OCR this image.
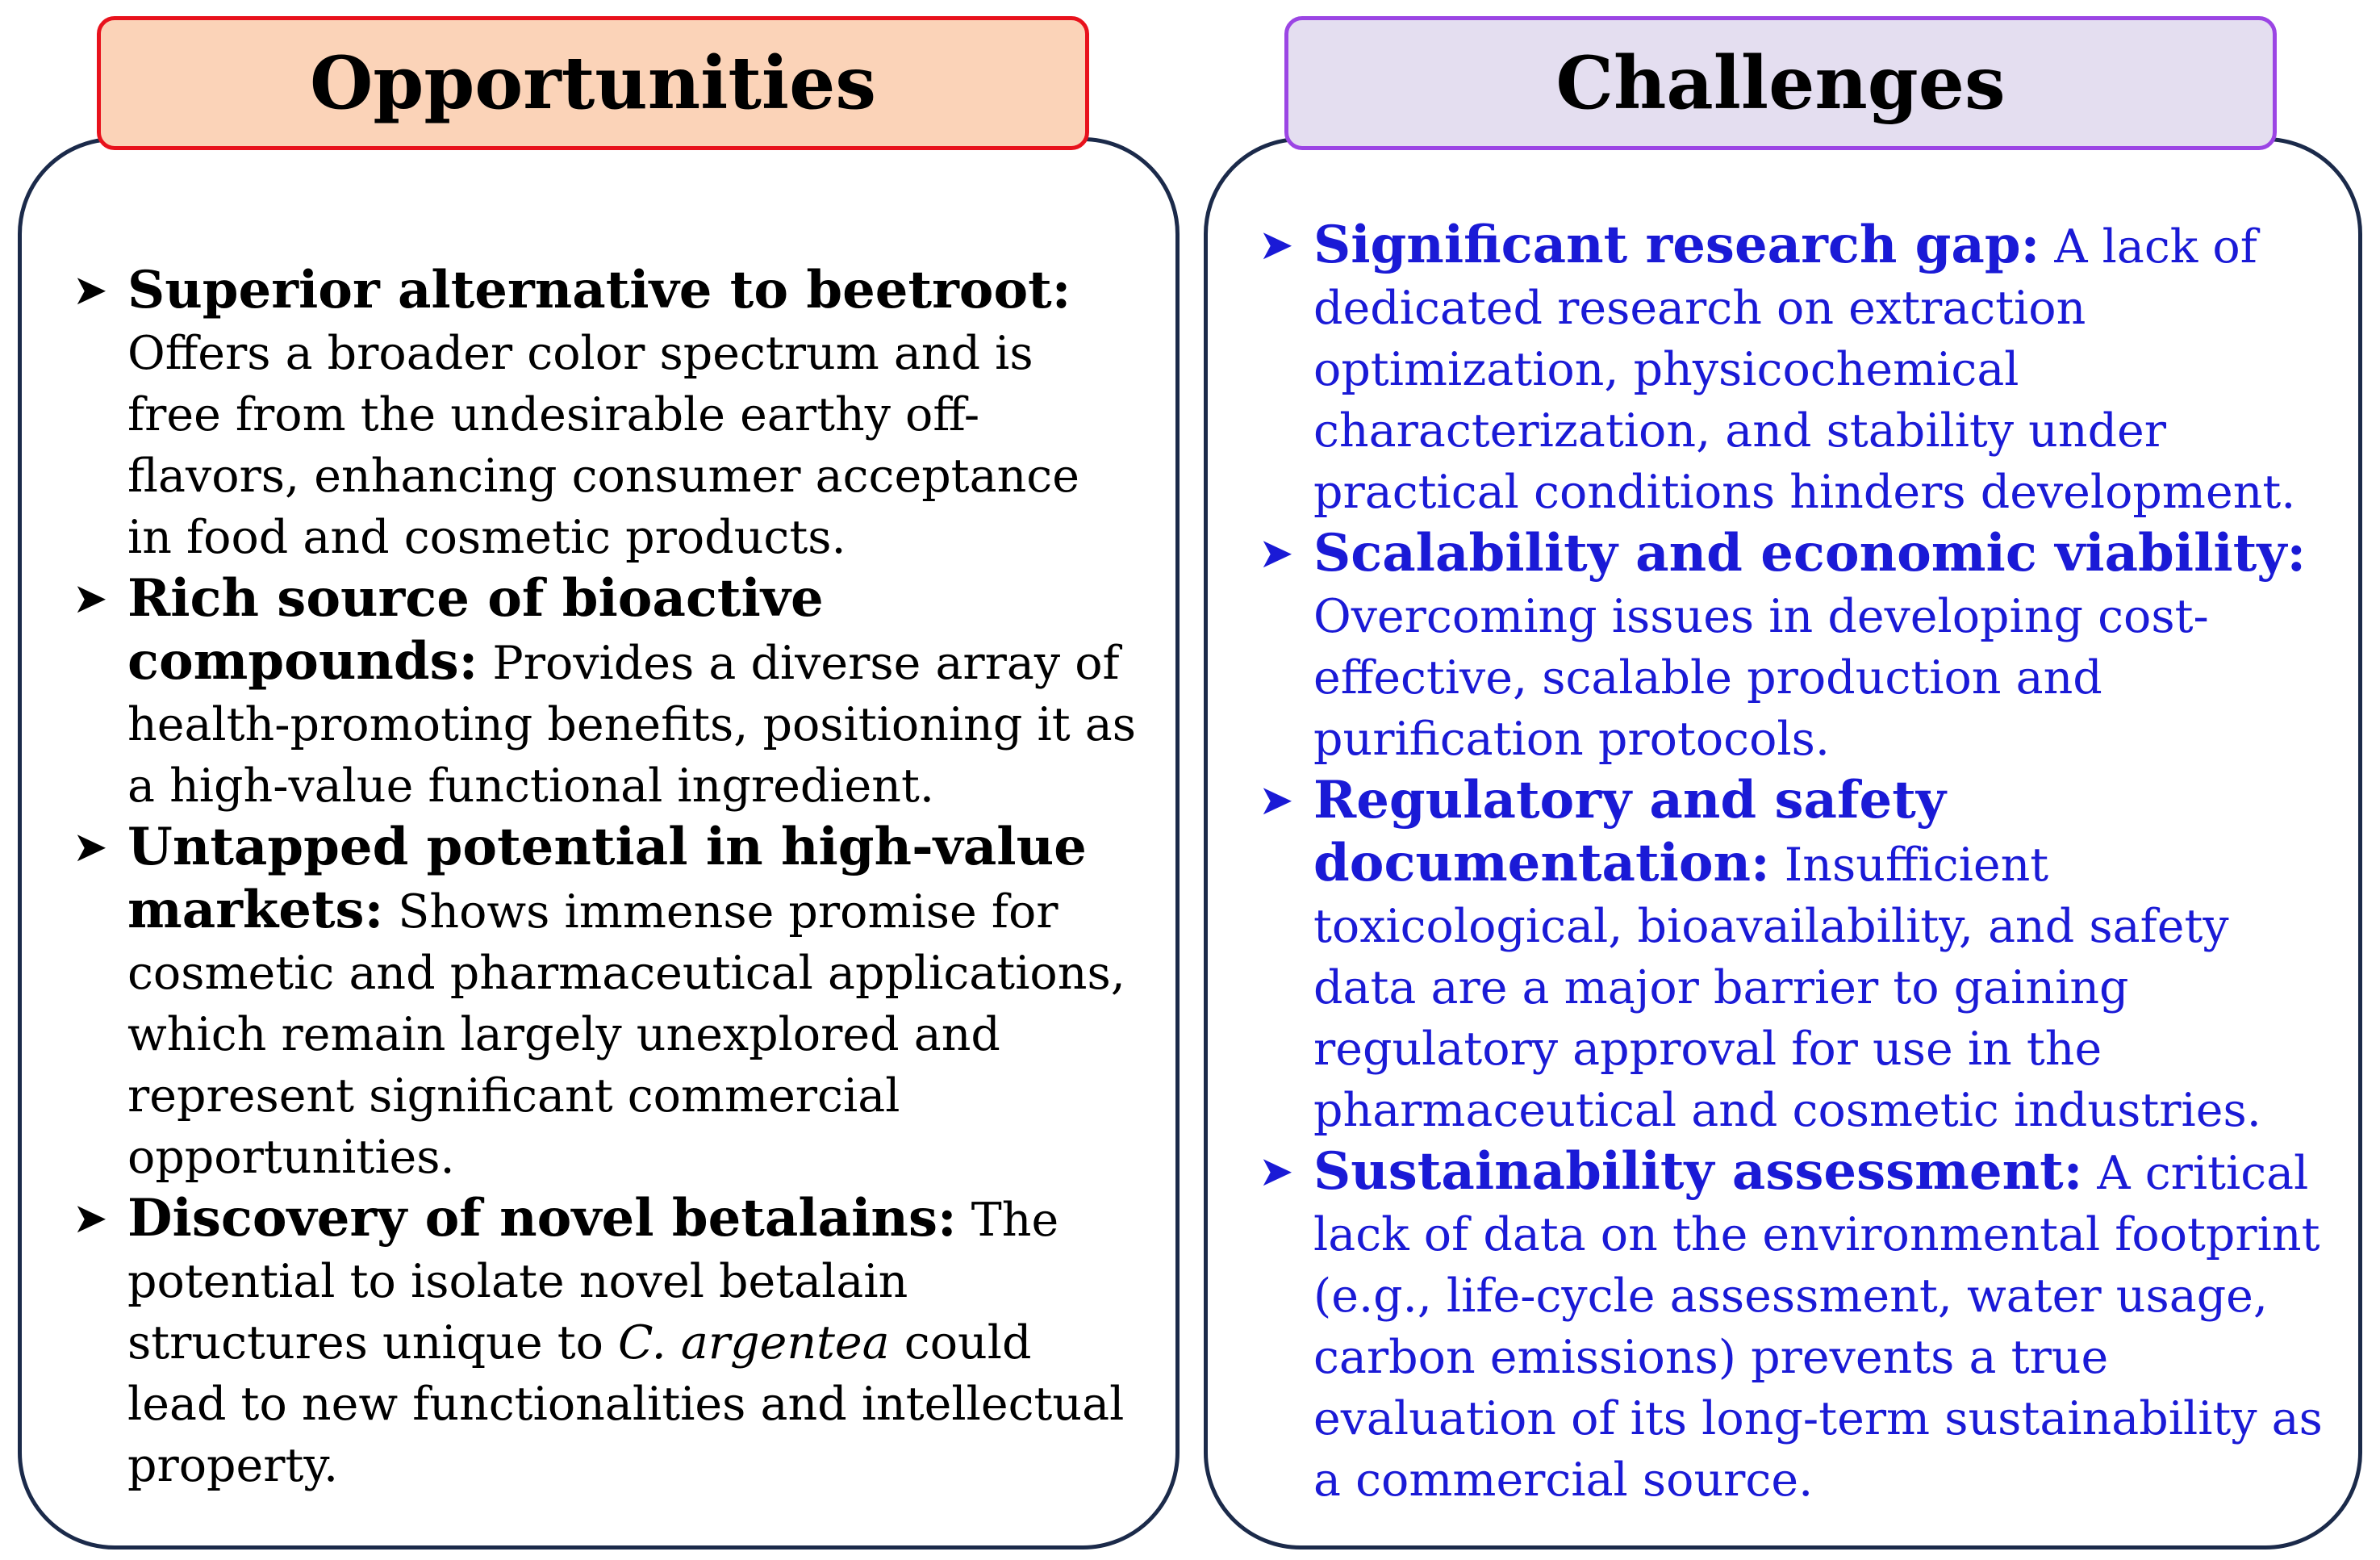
Opportunities	Challenges
➤ Superior alternative to beetroot: Offers a broader color spectrum and is free from the undesirable earthy off-flavors, enhancing consumer acceptance in food and cosmetic products.
➤ Rich source of bioactive compounds: Provides a diverse array of health-promoting benefits, positioning it as a high-value functional ingredient.
➤ Untapped potential in high-value markets: Shows immense promise for cosmetic and pharmaceutical applications, which remain largely unexplored and represent significant commercial opportunities.
➤ Discovery of novel betalains: The potential to isolate novel betalain structures unique to C. argentea could lead to new functionalities and intellectual property.
➤ Significant research gap: A lack of dedicated research on extraction optimization, physicochemical characterization, and stability under practical conditions hinders development.
➤ Scalability and economic viability: Overcoming issues in developing cost-effective, scalable production and purification protocols.
➤ Regulatory and safety documentation: Insufficient toxicological, bioavailability, and safety data are a major barrier to gaining regulatory approval for use in the pharmaceutical and cosmetic industries.
➤ Sustainability assessment: A critical lack of data on the environmental footprint (e.g., life-cycle assessment, water usage, carbon emissions) prevents a true evaluation of its long-term sustainability as a commercial source.
